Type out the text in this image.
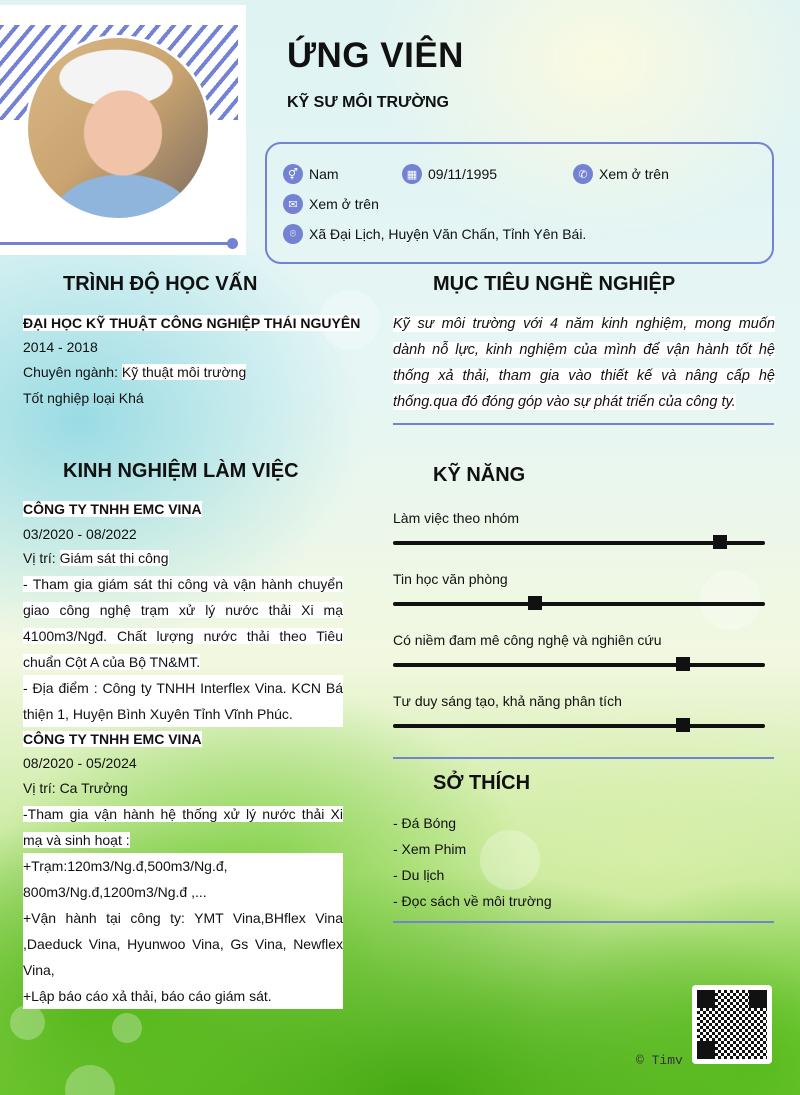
ỨNG VIÊN
KỸ SƯ MÔI TRƯỜNG
⚥ Nam	▦ 09/11/1995	✆ Xem ở trên
✉ Xem ở trên
⌾ Xã Đại Lịch, Huyện Văn Chấn, Tỉnh Yên Bái.
TRÌNH ĐỘ HỌC VẤN
ĐẠI HỌC KỸ THUẬT CÔNG NGHIỆP THÁI NGUYÊN
2014 - 2018
Chuyên ngành: Kỹ thuật môi trường
Tốt nghiệp loại Khá
MỤC TIÊU NGHỀ NGHIỆP
Kỹ sư môi trường với 4 năm kinh nghiệm, mong muốn dành nỗ lực, kinh nghiệm của mình để vận hành tốt hệ thống xả thải, tham gia vào thiết kế và nâng cấp hệ thống.qua đó đóng góp vào sự phát triển của công ty.
KINH NGHIỆM LÀM VIỆC
CÔNG TY TNHH EMC VINA
03/2020 - 08/2022
Vị trí: Giám sát thi công
- Tham gia giám sát thi công và vận hành chuyển giao công nghệ trạm xử lý nước thải Xi mạ 4100m3/Ngđ. Chất lượng nước thải theo Tiêu chuẩn Cột A của Bộ TN&MT.
- Địa điểm : Công ty TNHH Interflex Vina. KCN Bá thiện 1, Huyện Bình Xuyên Tỉnh Vĩnh Phúc.
CÔNG TY TNHH EMC VINA
08/2020 - 05/2024
Vị trí: Ca Trưởng
-Tham gia vận hành hệ thống xử lý nước thải Xi mạ và sinh hoạt :
+Trạm:120m3/Ng.đ,500m3/Ng.đ, 800m3/Ng.đ,1200m3/Ng.đ ,...
+Vận hành tại công ty: YMT Vina,BHflex Vina ,Daeduck Vina, Hyunwoo Vina, Gs Vina, Newflex Vina,
+Lập báo cáo xả thải, báo cáo giám sát.
KỸ NĂNG
Làm việc theo nhóm
Tin học văn phòng
Có niềm đam mê công nghệ và nghiên cứu
Tư duy sáng tạo, khả năng phân tích
SỞ THÍCH
- Đá Bóng
- Xem Phim
- Du lịch
- Đọc sách về môi trường
© Timv
